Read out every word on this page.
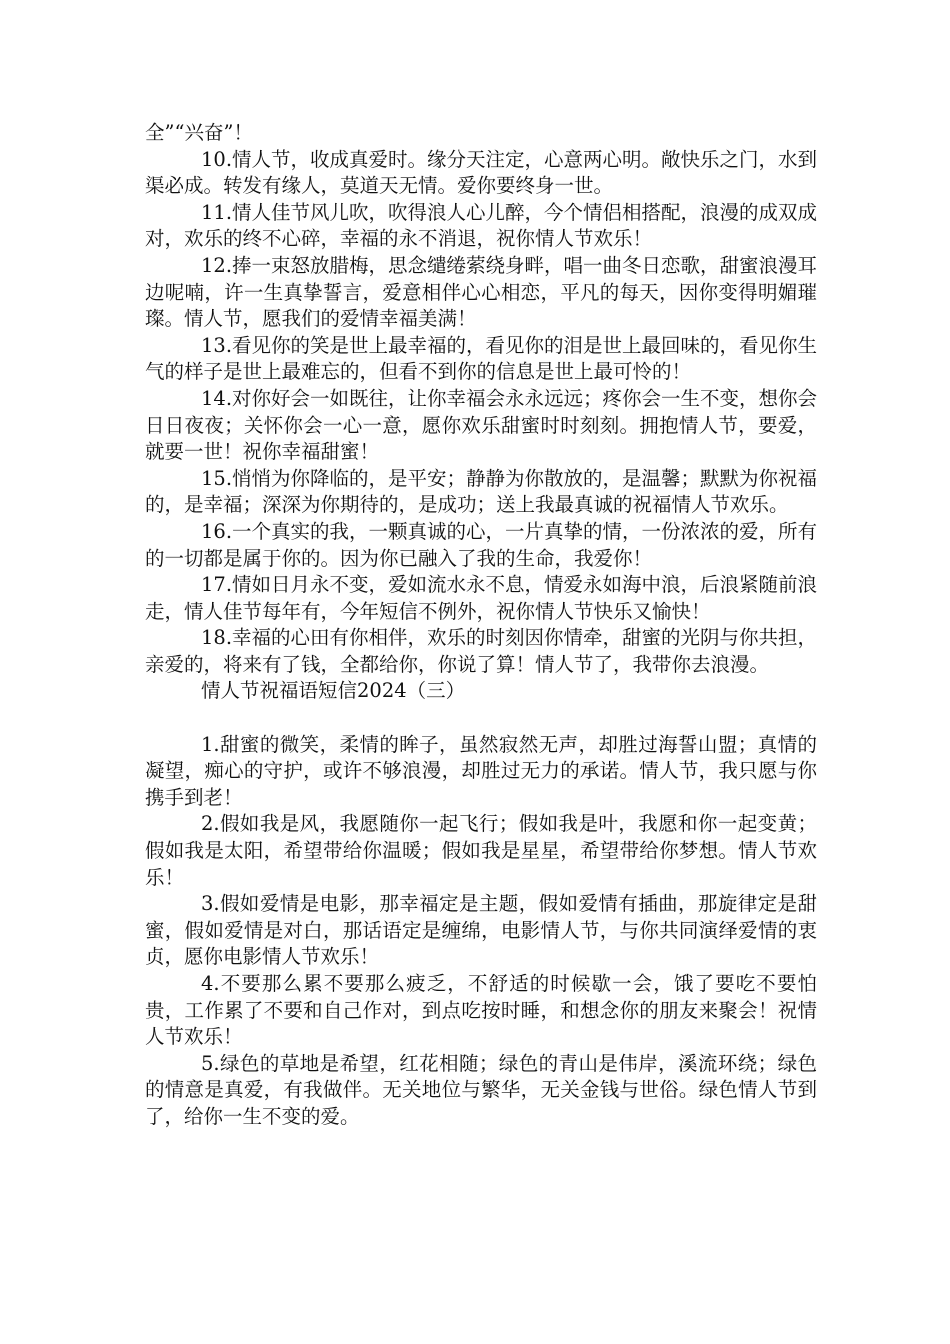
全”“兴奋”！

10.情人节，收成真爱时。缘分天注定，心意两心明。敞快乐之门，水到渠必成。转发有缘人，莫道天无情。爱你要终身一世。

11.情人佳节风儿吹，吹得浪人心儿醉，今个情侣相搭配，浪漫的成双成对，欢乐的终不心碎，幸福的永不消退，祝你情人节欢乐！

12.捧一束怒放腊梅，思念缱绻萦绕身畔，唱一曲冬日恋歌，甜蜜浪漫耳边呢喃，许一生真挚誓言，爱意相伴心心相恋，平凡的每天，因你变得明媚璀璨。情人节，愿我们的爱情幸福美满！

13.看见你的笑是世上最幸福的，看见你的泪是世上最回味的，看见你生气的样子是世上最难忘的，但看不到你的信息是世上最可怜的！

14.对你好会一如既往，让你幸福会永永远远；疼你会一生不变，想你会日日夜夜；关怀你会一心一意，愿你欢乐甜蜜时时刻刻。拥抱情人节，要爱，就要一世！祝你幸福甜蜜！

15.悄悄为你降临的，是平安；静静为你散放的，是温馨；默默为你祝福的，是幸福；深深为你期待的，是成功；送上我最真诚的祝福情人节欢乐。

16.一个真实的我，一颗真诚的心，一片真挚的情，一份浓浓的爱，所有的一切都是属于你的。因为你已融入了我的生命，我爱你！

17.情如日月永不变，爱如流水永不息，情爱永如海中浪，后浪紧随前浪走，情人佳节每年有，今年短信不例外，祝你情人节快乐又愉快！

18.幸福的心田有你相伴，欢乐的时刻因你情牵，甜蜜的光阴与你共担，亲爱的，将来有了钱，全都给你，你说了算！情人节了，我带你去浪漫。

情人节祝福语短信2024（三）

1.甜蜜的微笑，柔情的眸子，虽然寂然无声，却胜过海誓山盟；真情的凝望，痴心的守护，或许不够浪漫，却胜过无力的承诺。情人节，我只愿与你携手到老！

2.假如我是风，我愿随你一起飞行；假如我是叶，我愿和你一起变黄；假如我是太阳，希望带给你温暖；假如我是星星，希望带给你梦想。情人节欢乐！

3.假如爱情是电影，那幸福定是主题，假如爱情有插曲，那旋律定是甜蜜，假如爱情是对白，那话语定是缠绵，电影情人节，与你共同演绎爱情的衷贞，愿你电影情人节欢乐！

4.不要那么累不要那么疲乏，不舒适的时候歇一会，饿了要吃不要怕贵，工作累了不要和自己作对，到点吃按时睡，和想念你的朋友来聚会！祝情人节欢乐！

5.绿色的草地是希望，红花相随；绿色的青山是伟岸，溪流环绕；绿色的情意是真爱，有我做伴。无关地位与繁华，无关金钱与世俗。绿色情人节到了，给你一生不变的爱。
